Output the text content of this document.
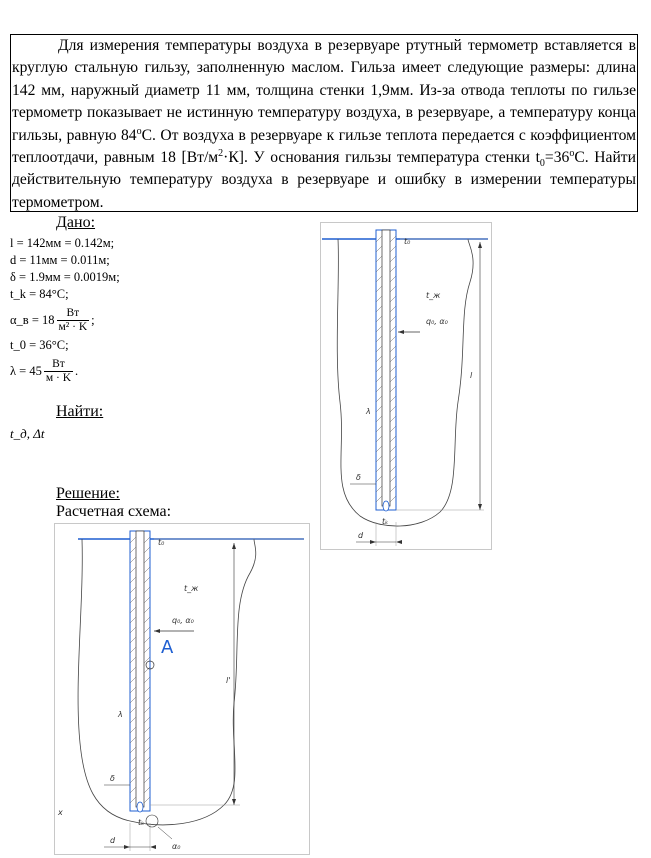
Для измерения температуры воздуха в резервуаре ртутный термометр вставляется в круглую стальную гильзу, заполненную маслом. Гильза имеет следующие размеры: длина 142 мм, наружный диаметр 11 мм, толщина стенки 1,9мм. Из-за отвода теплоты по гильзе термометр показывает не истинную температуру воздуха, в резервуаре, а температуру конца гильзы, равную 84$^o$С. От воздуха в резервуаре к гильзе теплота передается с коэффициентом теплоотдачи, равным 18 $[Вт/м^2\cdot К]$. У основания гильзы температура стенки $t_0=36^oС$. Найти действительную температуру воздуха в резервуаре и ошибку в измерении температуры термометром.

Дано:
l = 142мм = 0.142м;
d = 11мм = 0.011м;
δ = 1.9мм = 0.0019м;
t_k = 84°C;
α_в = $18 \frac{Вт}{\text{м² · K}}$ ;
t_0 = 36°C;
$\lambda = 45 \frac{Вт}{м \cdot K}$ .
Найти:
t_д, Δt
Решение:
Расчетная схема:
t₀
t_ж
q₀, α₀
l
λ
δ
tₖ
d
t₀
t_ж
q₀, α₀
A
l'
λ
δ
x
tₖ
d
α₀
